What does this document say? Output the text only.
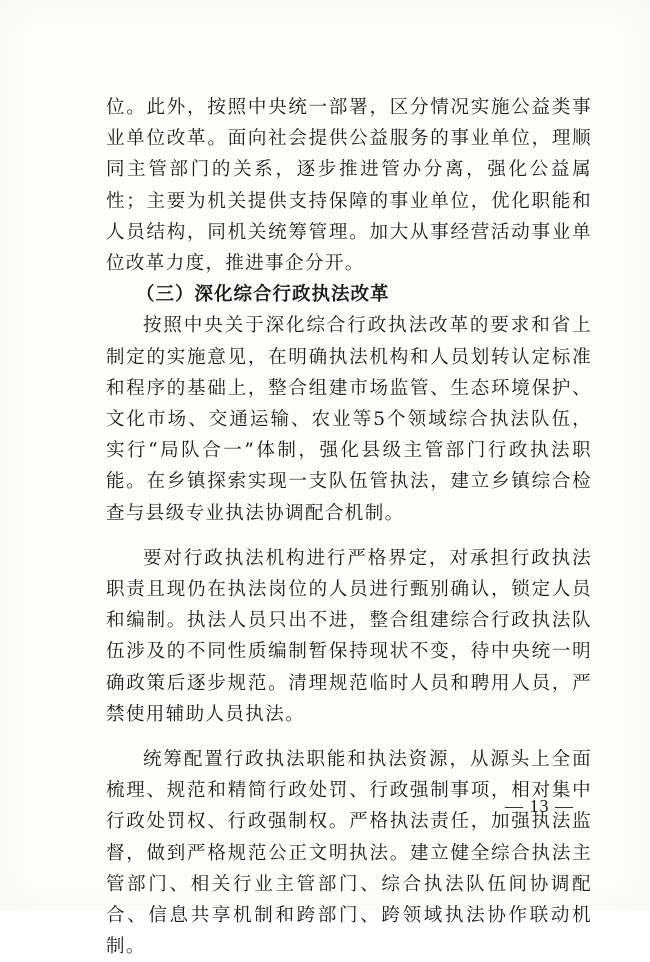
位。此外，按照中央统一部署，区分情况实施公益类事业单位改革。面向社会提供公益服务的事业单位，理顺同主管部门的关系，逐步推进管办分离，强化公益属性；主要为机关提供支持保障的事业单位，优化职能和人员结构，同机关统筹管理。加大从事经营活动事业单位改革力度，推进事企分开。

（三）深化综合行政执法改革

按照中央关于深化综合行政执法改革的要求和省上制定的实施意见，在明确执法机构和人员划转认定标准和程序的基础上，整合组建市场监管、生态环境保护、文化市场、交通运输、农业等5个领域综合执法队伍，实行“局队合一”体制，强化县级主管部门行政执法职能。在乡镇探索实现一支队伍管执法，建立乡镇综合检查与县级专业执法协调配合机制。

要对行政执法机构进行严格界定，对承担行政执法职责且现仍在执法岗位的人员进行甄别确认，锁定人员和编制。执法人员只出不进，整合组建综合行政执法队伍涉及的不同性质编制暂保持现状不变，待中央统一明确政策后逐步规范。清理规范临时人员和聘用人员，严禁使用辅助人员执法。

统筹配置行政执法职能和执法资源，从源头上全面梳理、规范和精简行政处罚、行政强制事项，相对集中行政处罚权、行政强制权。严格执法责任，加强执法监督，做到严格规范公正文明执法。建立健全综合执法主管部门、相关行业主管部门、综合执法队伍间协调配合、信息共享机制和跨部门、跨领域执法协作联动机制。

— 13 —
